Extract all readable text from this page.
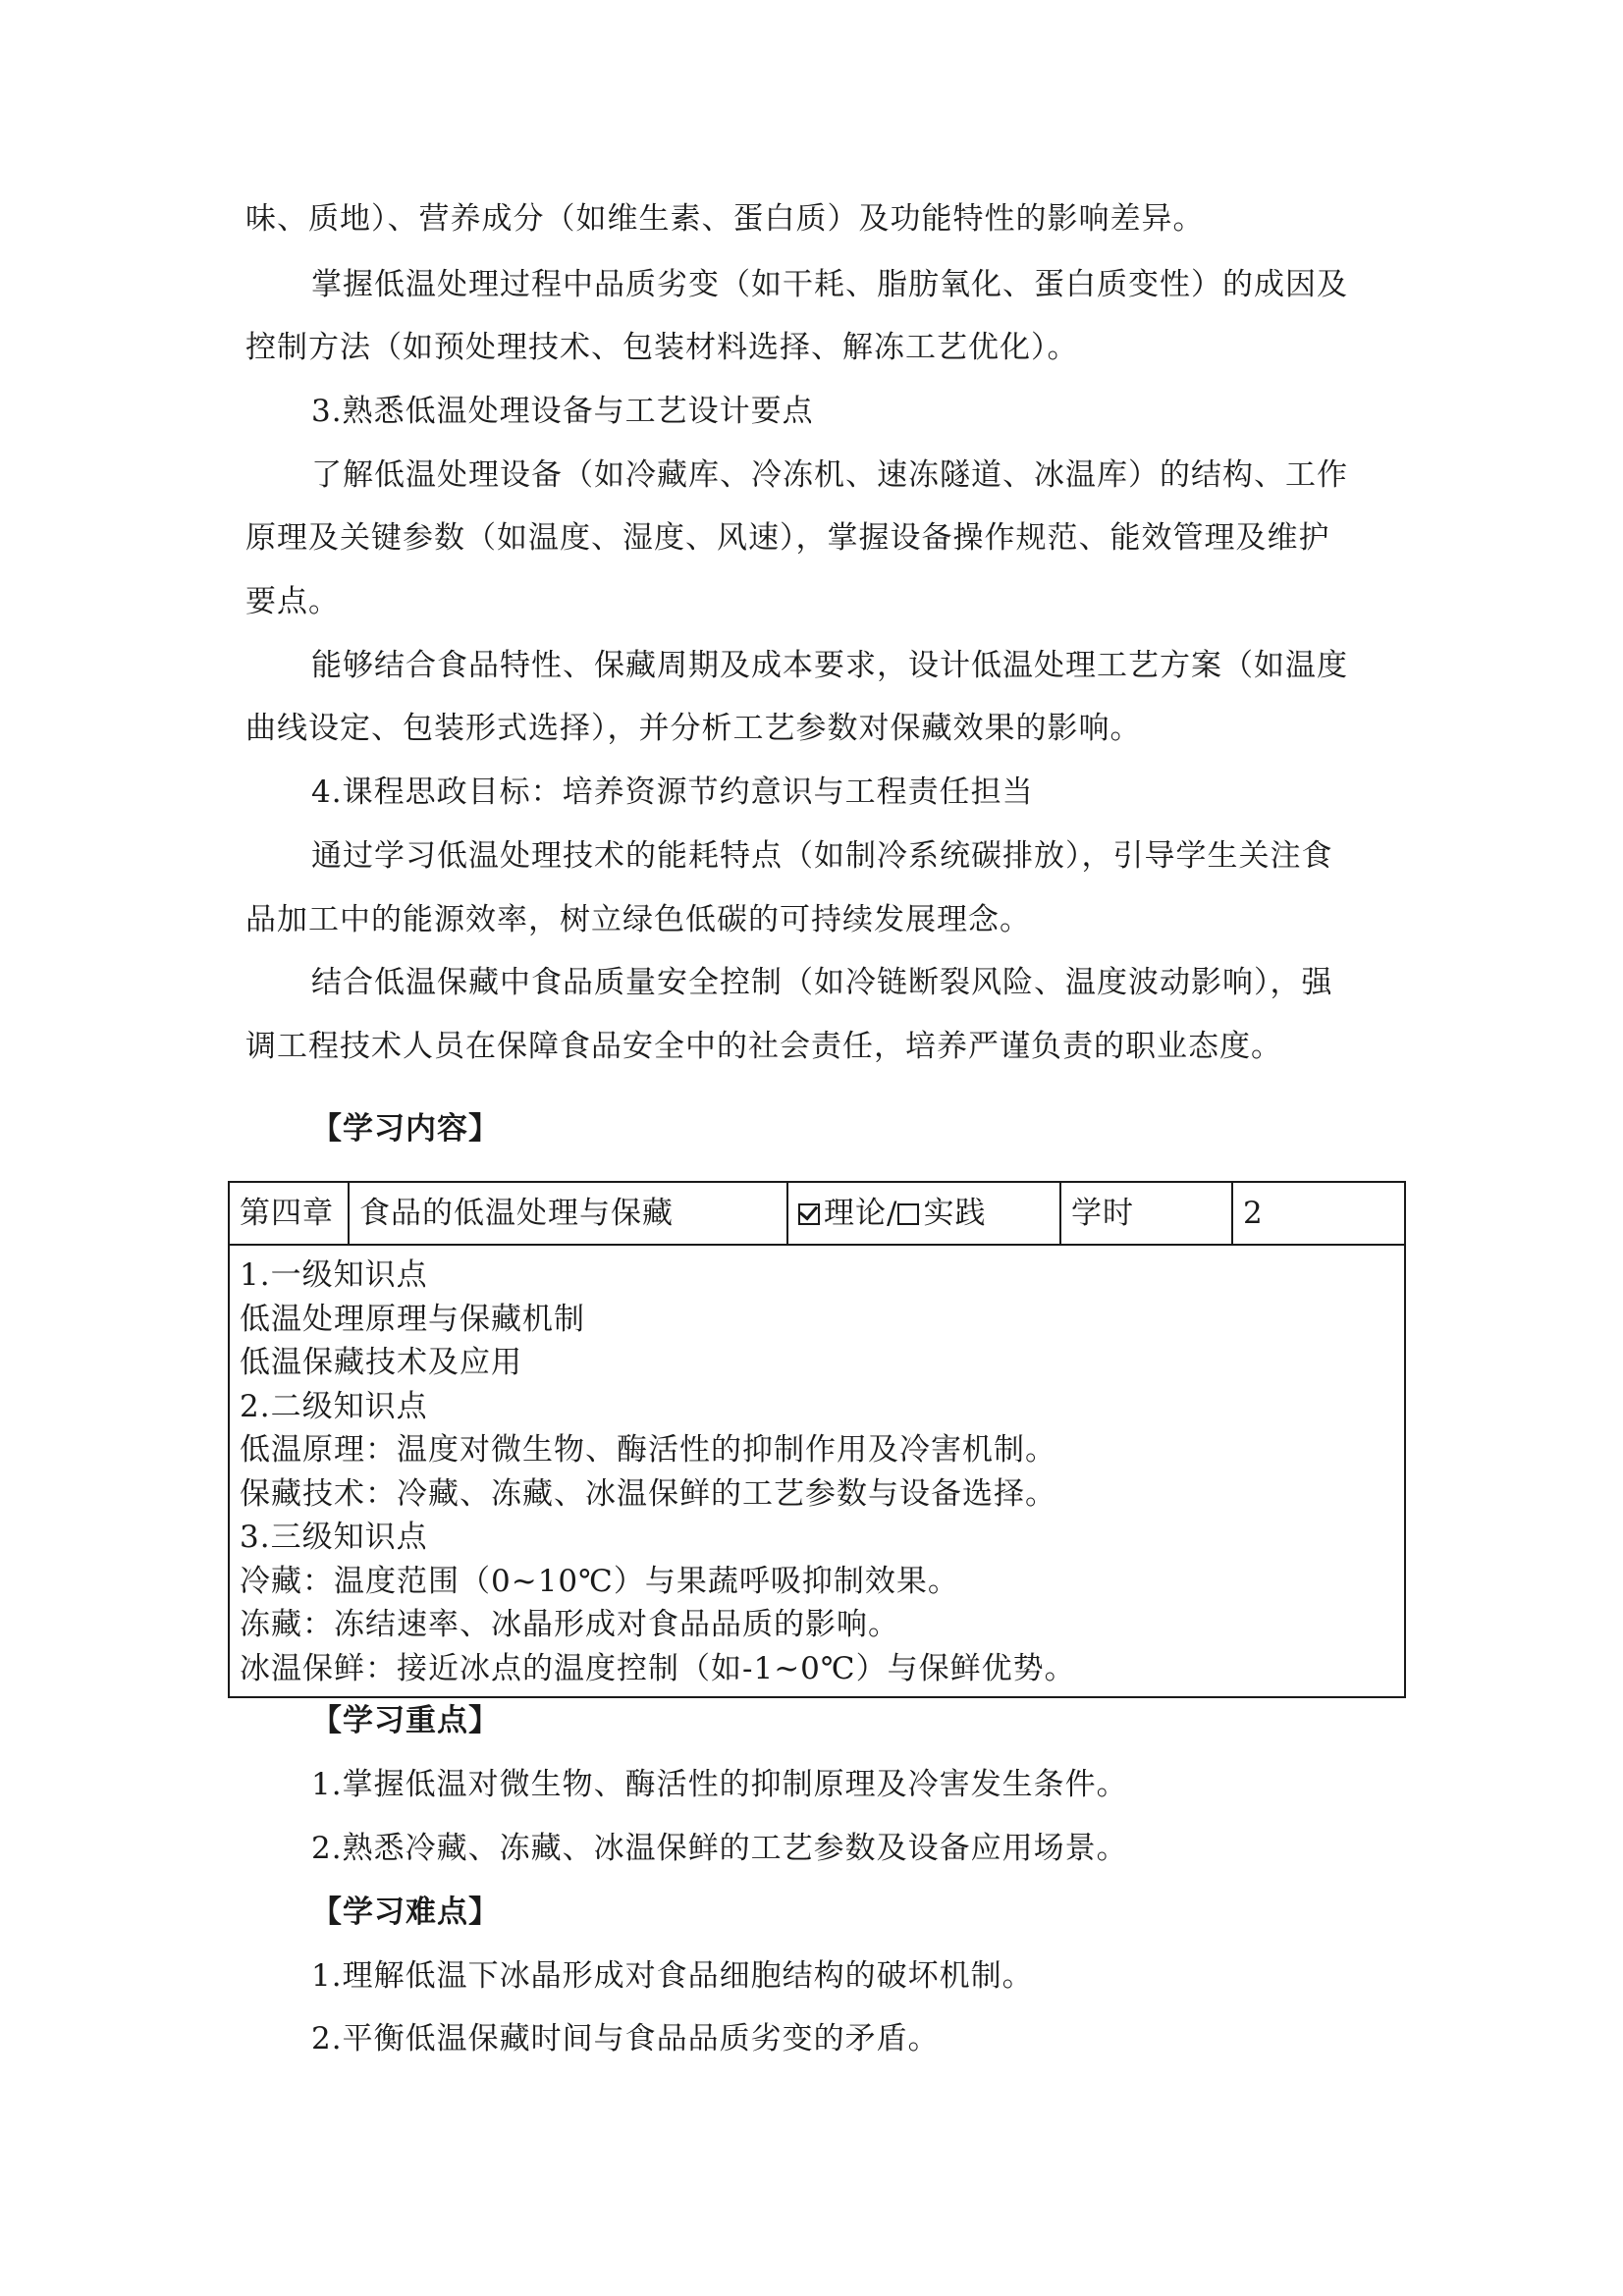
味、质地）、营养成分（如维生素、蛋白质）及功能特性的影响差异。
掌握低温处理过程中品质劣变（如干耗、脂肪氧化、蛋白质变性）的成因及
控制方法（如预处理技术、包装材料选择、解冻工艺优化）。
3.熟悉低温处理设备与工艺设计要点
了解低温处理设备（如冷藏库、冷冻机、速冻隧道、冰温库）的结构、工作
原理及关键参数（如温度、湿度、风速），掌握设备操作规范、能效管理及维护
要点。
能够结合食品特性、保藏周期及成本要求，设计低温处理工艺方案（如温度
曲线设定、包装形式选择），并分析工艺参数对保藏效果的影响。
4.课程思政目标：培养资源节约意识与工程责任担当
通过学习低温处理技术的能耗特点（如制冷系统碳排放），引导学生关注食
品加工中的能源效率，树立绿色低碳的可持续发展理念。
结合低温保藏中食品质量安全控制（如冷链断裂风险、温度波动影响），强
调工程技术人员在保障食品安全中的社会责任，培养严谨负责的职业态度。
【学习内容】
第四章	食品的低温处理与保藏	理论/ 实践	学时	2

1.一级知识点
低温处理原理与保藏机制
低温保藏技术及应用
2.二级知识点
低温原理：温度对微生物、酶活性的抑制作用及冷害机制。
保藏技术：冷藏、冻藏、冰温保鲜的工艺参数与设备选择。
3.三级知识点
冷藏：温度范围（0~10℃）与果蔬呼吸抑制效果。
冻藏：冻结速率、冰晶形成对食品品质的影响。
冰温保鲜：接近冰点的温度控制（如-1~0℃）与保鲜优势。
【学习重点】
1.掌握低温对微生物、酶活性的抑制原理及冷害发生条件。
2.熟悉冷藏、冻藏、冰温保鲜的工艺参数及设备应用场景。
【学习难点】
1.理解低温下冰晶形成对食品细胞结构的破坏机制。
2.平衡低温保藏时间与食品品质劣变的矛盾。
